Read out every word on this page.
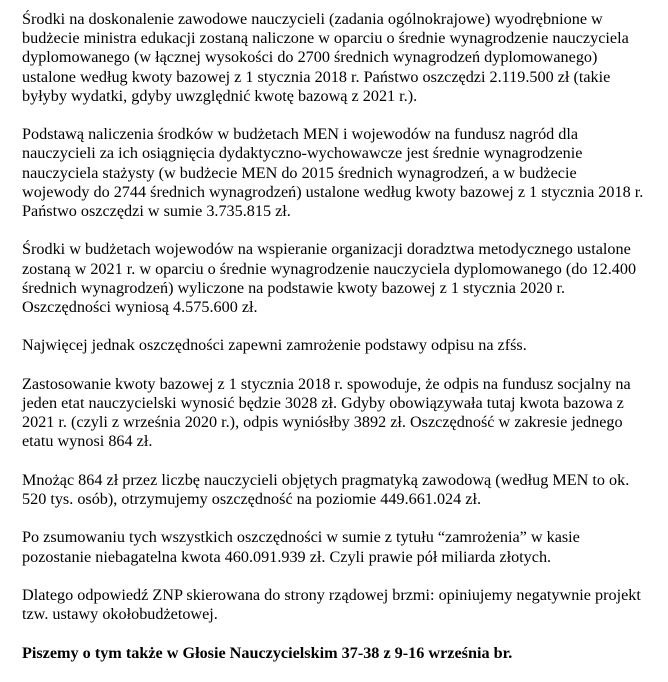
Środki na doskonalenie zawodowe nauczycieli (zadania ogólnokrajowe) wyodrębnione w budżecie ministra edukacji zostaną naliczone w oparciu o średnie wynagrodzenie nauczyciela dyplomowanego (w łącznej wysokości do 2700 średnich wynagrodzeń dyplomowanego) ustalone według kwoty bazowej z 1 stycznia 2018 r. Państwo oszczędzi 2.119.500 zł (takie byłyby wydatki, gdyby uwzględnić kwotę bazową z 2021 r.).

Podstawą naliczenia środków w budżetach MEN i wojewodów na fundusz nagród dla nauczycieli za ich osiągnięcia dydaktyczno-wychowawcze jest średnie wynagrodzenie nauczyciela stażysty (w budżecie MEN do 2015 średnich wynagrodzeń, a w budżecie wojewody do 2744 średnich wynagrodzeń) ustalone według kwoty bazowej z 1 stycznia 2018 r. Państwo oszczędzi w sumie 3.735.815 zł.

Środki w budżetach wojewodów na wspieranie organizacji doradztwa metodycznego ustalone zostaną w 2021 r. w oparciu o średnie wynagrodzenie nauczyciela dyplomowanego (do 12.400 średnich wynagrodzeń) wyliczone na podstawie kwoty bazowej z 1 stycznia 2020 r. Oszczędności wyniosą 4.575.600 zł.

Najwięcej jednak oszczędności zapewni zamrożenie podstawy odpisu na zfśs.

Zastosowanie kwoty bazowej z 1 stycznia 2018 r. spowoduje, że odpis na fundusz socjalny na jeden etat nauczycielski wynosić będzie 3028 zł. Gdyby obowiązywała tutaj kwota bazowa z 2021 r. (czyli z września 2020 r.), odpis wyniósłby 3892 zł. Oszczędność w zakresie jednego etatu wynosi 864 zł.

Mnożąc 864 zł przez liczbę nauczycieli objętych pragmatyką zawodową (według MEN to ok. 520 tys. osób), otrzymujemy oszczędność na poziomie 449.661.024 zł.

Po zsumowaniu tych wszystkich oszczędności w sumie z tytułu “zamrożenia” w kasie pozostanie niebagatelna kwota 460.091.939 zł. Czyli prawie pół miliarda złotych.

Dlatego odpowiedź ZNP skierowana do strony rządowej brzmi: opiniujemy negatywnie projekt tzw. ustawy okołobudżetowej.

Piszemy o tym także w Głosie Nauczycielskim 37-38 z 9-16 września br.
